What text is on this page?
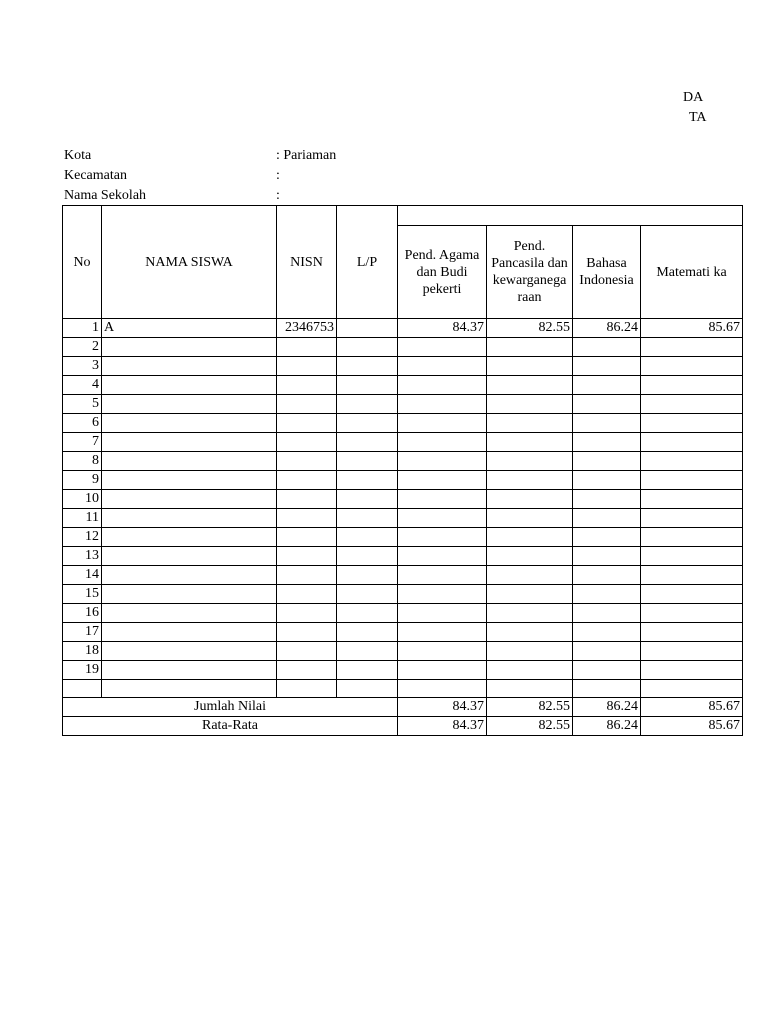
DA
TA
Kota	: Pariaman
Kecamatan	:
Nama Sekolah	:
No	NAMA SISWA	NISN	L/P				
				Pend. Agama dan Budi pekerti	Pend. Pancasila dan kewarganega raan	Bahasa Indonesia	Matemati ka
1	A	2346753		84.37	82.55	86.24	85.67
2							
3							
4							
5							
6							
7							
8							
9							
10							
11							
12							
13							
14							
15							
16							
17							
18							
19							

Jumlah Nilai				84.37	82.55	86.24	85.67
Rata-Rata				84.37	82.55	86.24	85.67
